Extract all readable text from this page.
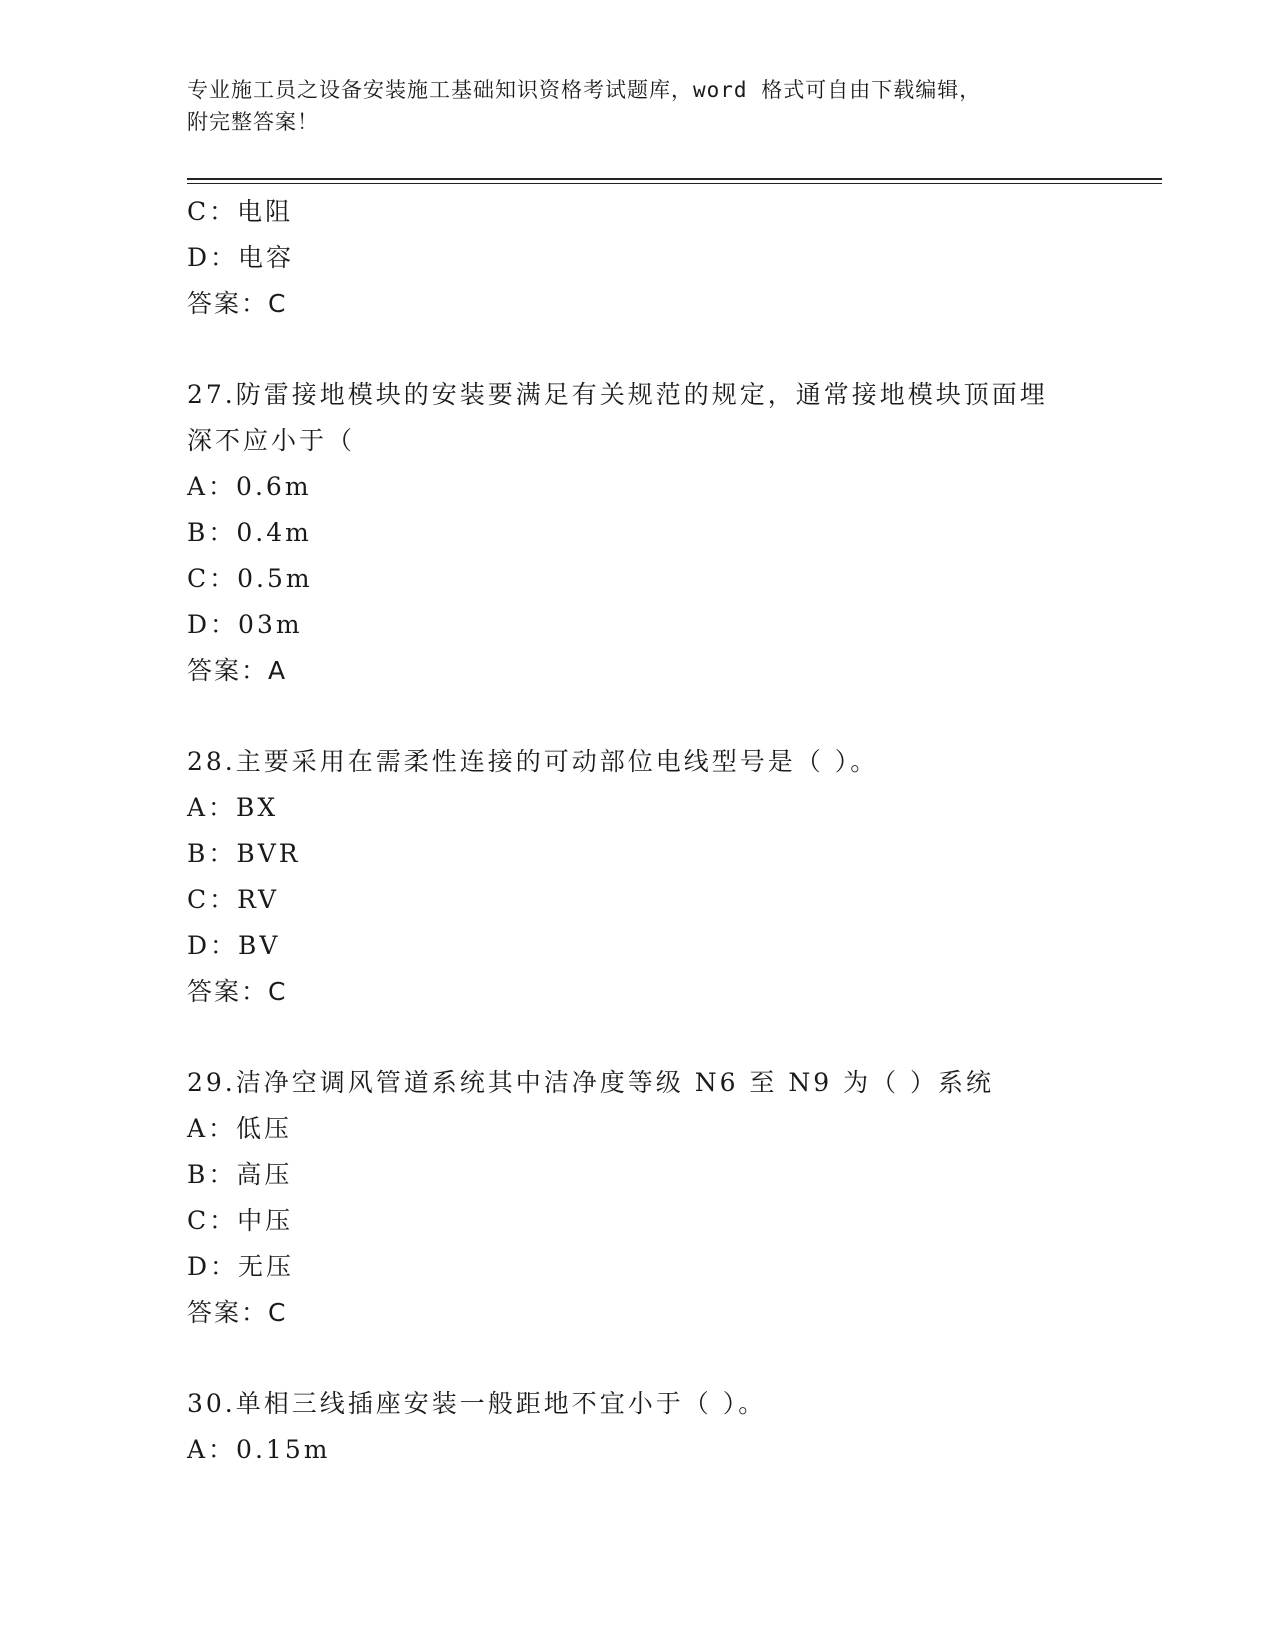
专业施工员之设备安装施工基础知识资格考试题库，word 格式可自由下载编辑，
附完整答案！
C：电阻
D：电容
答案：C
27.防雷接地模块的安装要满足有关规范的规定，通常接地模块顶面埋
深不应小于（
A：0.6m
B：0.4m
C：0.5m
D：03m
答案：A
28.主要采用在需柔性连接的可动部位电线型号是（ ）。
A：BX
B：BVR
C：RV
D：BV
答案：C
29.洁净空调风管道系统其中洁净度等级 N6 至 N9 为（ ）系统
A：低压
B：高压
C：中压
D：无压
答案：C
30.单相三线插座安装一般距地不宜小于（ ）。
A：0.15m
